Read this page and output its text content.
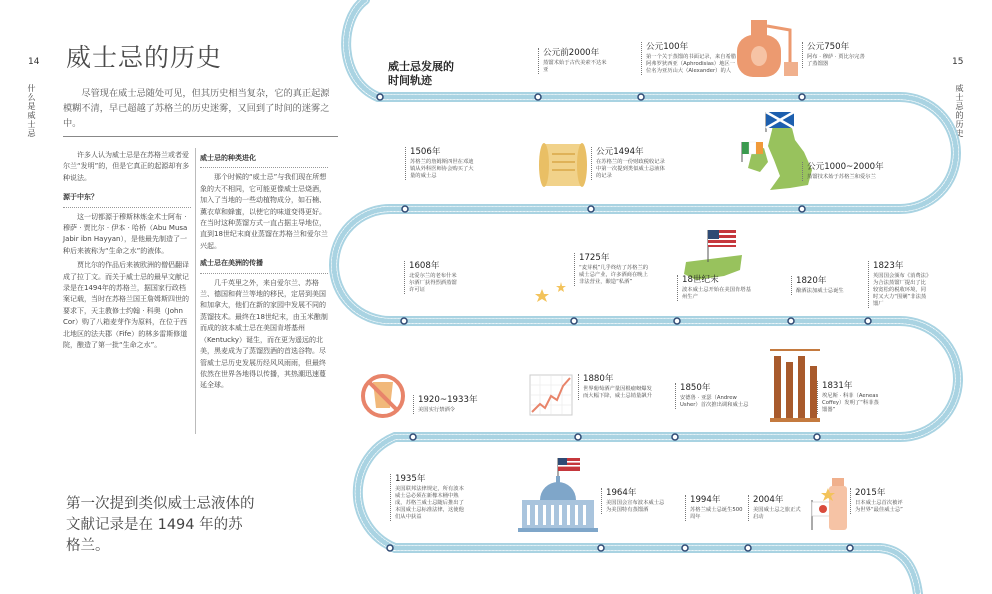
14
什么是威士忌
15
威士忌的历史
威士忌的历史
尽管现在威士忌随处可见，但其历史相当复杂，它的真正起源模糊不清，早已超越了苏格兰的历史迷雾，又回到了时间的迷雾之中。

许多人认为威士忌是在苏格兰或者爱尔兰“发明”的，但是它真正的起源却有多种说法。

源于中东？

这一切都源于穆斯林炼金术士阿布 · 穆萨 · 贾比尔 · 伊本 · 哈桥（Abu Musa Jabir ibn Hayyan），是他最先制造了一种后来被称为“生命之水”的液体。

贾比尔的作品后来被欧洲的僧侣翻译成了拉丁文。而关于威士忌的最早文献记录是在1494年的苏格兰，据国家行政档案记载，当时在苏格兰国王詹姆斯四世的要求下，天主教修士约翰 · 科奥（John Cor）购了八箱麦芽作为原料，在位于西北地区的法夫郡（Fife）的林多雷斯修道院，酿造了第一批“生命之水”。

威士忌的种类进化

那个时候的“威士忌”与我们现在所想象的大不相同，它可能更像威士忌烧酒，加入了当地的一些动植物成分，如石楠、薰衣草和蜂蜜，以使它的味道变得更好。在当时这种蒸馏方式一直占据主导地位，直到18世纪末商业蒸馏在苏格兰和爱尔兰兴起。

威士忌在美洲的传播

几千英里之外，来自爱尔兰、苏格兰、德国和荷兰等地的移民，定居到美国和加拿大，他们在新的家园中发展不同的蒸馏技术。最终在18世纪末，由玉米酿制而成的波本威士忌在美国肯塔基州（Kentucky）诞生，而在更为遥远的北美，黑麦成为了蒸馏烈酒的首选谷物。尽管威士忌历史发展历经风风雨雨，但最终依然在世界各地得以传播，其热潮迅速蔓延全球。

第一次提到类似威士忌液体的文献记录是在 1494 年的苏格兰。
威士忌发展的时间轨迹
公元前2000年
蒸馏术始于古代美索不达米亚
公元100年
第一个关于蒸馏的书面记录，来自希腊阿弗罗狄西亚（Aphrodisias）地区一位名为亚历山大（Alexander）的人
公元750年
阿布 · 穆萨 · 贾比尔完善了蒸馏器
公元1000~2000年
蒸馏技术始于苏格兰和爱尔兰
公元1494年
在苏格兰的一份财政税收记录中第一次提到类似威士忌液体的记录
1506年
苏格兰的詹姆斯四世在邓迪镇从外科医师协会购买了大量的威士忌
1608年
北爱尔兰的老布什米尔酒厂获得烈酒蒸馏许可证
1725年
“麦芽税”几乎终结了苏格兰的威士忌产业，许多酒商在晚上非法营业，酿造“私酒”	18世纪末
波本威士忌开始在美国肯塔基州生产
1820年
酿酒法加威士忌诞生
1823年
英国国会颁布《消费法》为合法蒸馏厂提出了比较宽松的税收环境，同时又大力“围剿”非法蒸馏厂
1831年
埃尼斯 · 科菲（Aeneas Coffey）发明了“科菲蒸馏器”
1850年
安德鲁 · 亚瑟（Andrew Usher）首次推出调和威士忌
1880年
世界葡萄酒产量因根瘤蚜爆发而大幅下降，威士忌销量飙升
1920~1933年
美国实行禁酒令
1935年
美国联邦法律规定，所有波本威士忌必须在新橡木桶中熟成，苏格兰威士忌随后推出了本国威士忌标准法律，这使他们从中获益
1964年
美国国会宣布波本威士忌为美国特有蒸馏酒
1994年
苏格兰威士忌诞生500周年
2004年
美国威士忌之旅正式启动
2015年
日本威士忌首次被评为世界“最佳威士忌”
